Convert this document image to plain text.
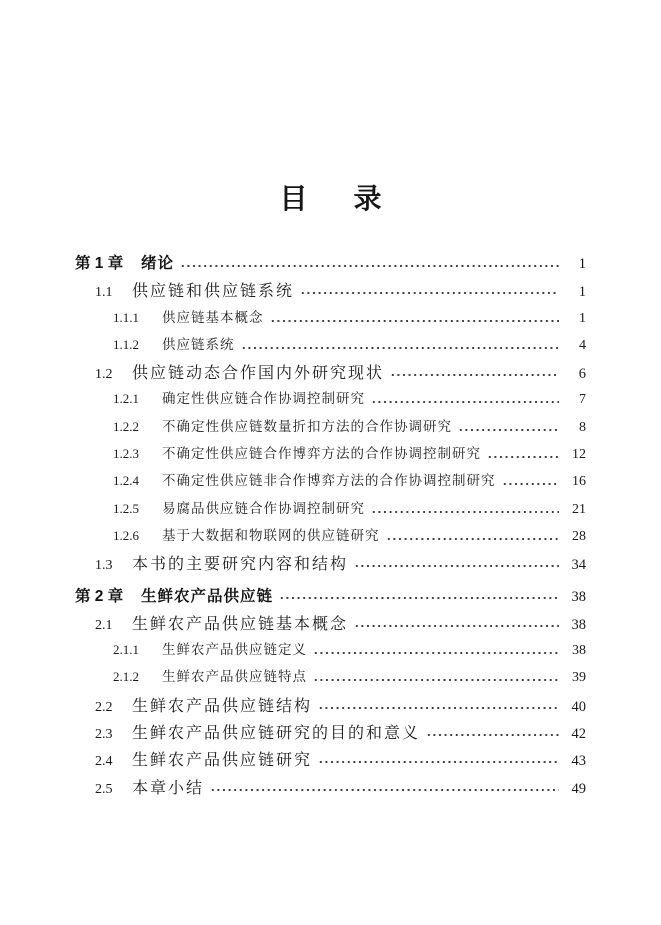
目 录
第 1 章	绪论	1
1.1	供应链和供应链系统	1
1.1.1	供应链基本概念	1
1.1.2	供应链系统	4
1.2	供应链动态合作国内外研究现状	6
1.2.1	确定性供应链合作协调控制研究	7
1.2.2	不确定性供应链数量折扣方法的合作协调研究	8
1.2.3	不确定性供应链合作博弈方法的合作协调控制研究	12
1.2.4	不确定性供应链非合作博弈方法的合作协调控制研究	16
1.2.5	易腐品供应链合作协调控制研究	21
1.2.6	基于大数据和物联网的供应链研究	28
1.3	本书的主要研究内容和结构	34
第 2 章	生鲜农产品供应链	38
2.1	生鲜农产品供应链基本概念	38
2.1.1	生鲜农产品供应链定义	38
2.1.2	生鲜农产品供应链特点	39
2.2	生鲜农产品供应链结构	40
2.3	生鲜农产品供应链研究的目的和意义	42
2.4	生鲜农产品供应链研究	43
2.5	本章小结	49
